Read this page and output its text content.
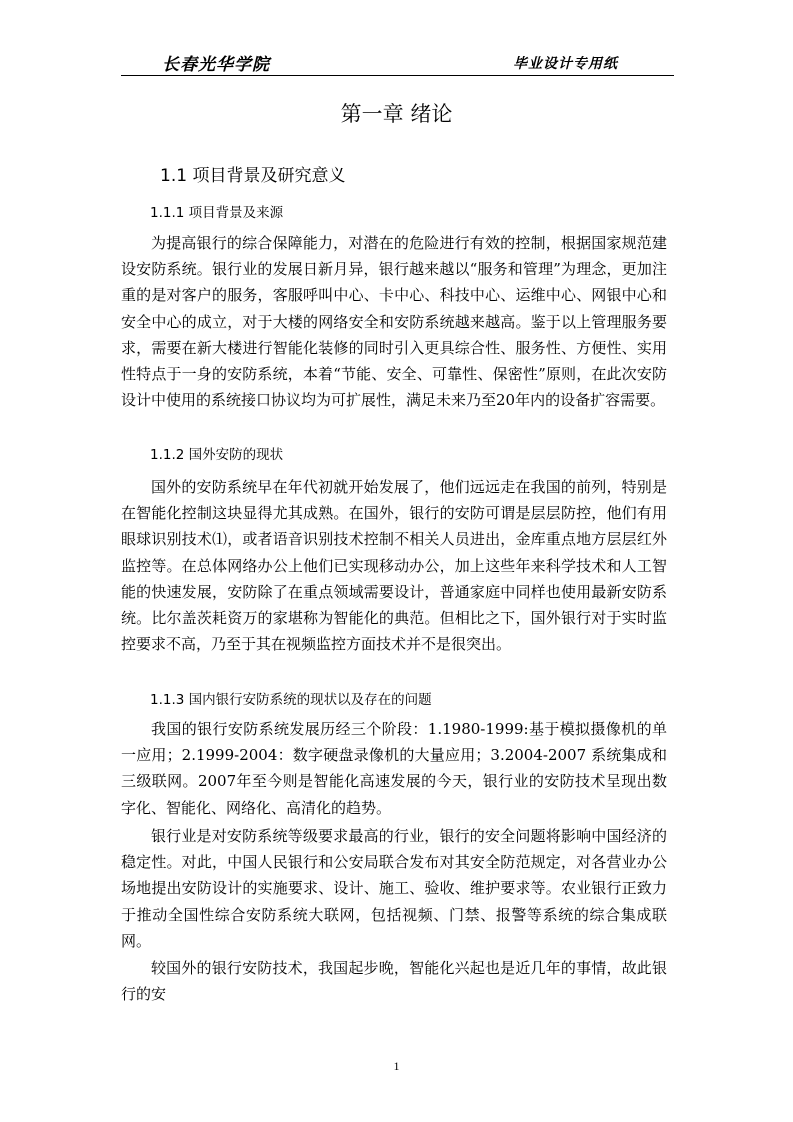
长春光华学院	毕业设计专用纸
第一章 绪论
1.1 项目背景及研究意义
1.1.1 项目背景及来源

为提高银行的综合保障能力，对潜在的危险进行有效的控制，根据国家规范建设安防系统。银行业的发展日新月异，银行越来越以“服务和管理”为理念，更加注重的是对客户的服务，客服呼叫中心、卡中心、科技中心、运维中心、网银中心和安全中心的成立，对于大楼的网络安全和安防系统越来越高。鉴于以上管理服务要求，需要在新大楼进行智能化装修的同时引入更具综合性、服务性、方便性、实用性特点于一身的安防系统，本着“节能、安全、可靠性、保密性”原则，在此次安防设计中使用的系统接口协议均为可扩展性，满足未来乃至20年内的设备扩容需要。

1.1.2 国外安防的现状

国外的安防系统早在年代初就开始发展了，他们远远走在我国的前列，特别是在智能化控制这块显得尤其成熟。在国外，银行的安防可谓是层层防控，他们有用眼球识别技术⑴，或者语音识别技术控制不相关人员进出，金库重点地方层层红外监控等。在总体网络办公上他们已实现移动办公，加上这些年来科学技术和人工智能的快速发展，安防除了在重点领域需要设计，普通家庭中同样也使用最新安防系统。比尔盖茨耗资万的家堪称为智能化的典范。但相比之下，国外银行对于实时监控要求不高，乃至于其在视频监控方面技术并不是很突出。

1.1.3 国内银行安防系统的现状以及存在的问题

我国的银行安防系统发展历经三个阶段：1.1980-1999:基于模拟摄像机的单一应用；2.1999-2004：数字硬盘录像机的大量应用；3.2004-2007 系统集成和三级联网。2007年至今则是智能化高速发展的今天，银行业的安防技术呈现出数字化、智能化、网络化、高清化的趋势。

银行业是对安防系统等级要求最高的行业，银行的安全问题将影响中国经济的稳定性。对此，中国人民银行和公安局联合发布对其安全防范规定，对各营业办公场地提出安防设计的实施要求、设计、施工、验收、维护要求等。农业银行正致力于推动全国性综合安防系统大联网，包括视频、门禁、报警等系统的综合集成联网。

较国外的银行安防技术，我国起步晚，智能化兴起也是近几年的事情，故此银行的安

1
